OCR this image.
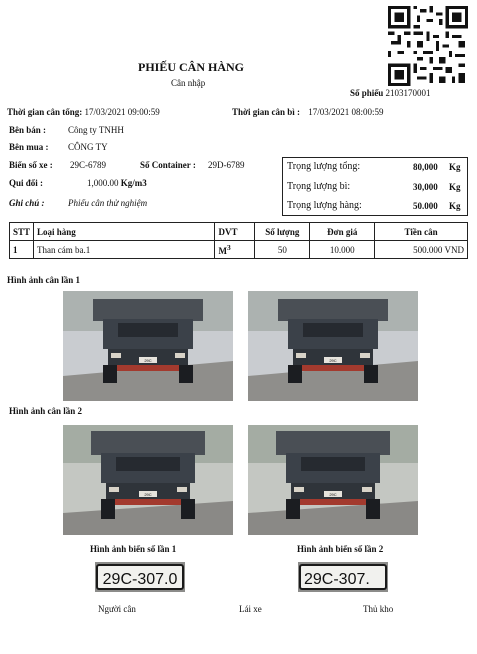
PHIẾU CÂN HÀNG
Cân nhập
Số phiếu 2103170001
Thời gian cân tổng: 17/03/2021 09:00:59	Thời gian cân bì : 17/03/2021 08:00:59
Bên bán : Công ty TNHH
Bên mua : CÔNG TY
Biển số xe : 29C-6789	Số Container : 29D-6789
Qui đổi :	1,000.00 Kg/m3
Ghi chú :	Phiếu cân thử nghiệm
Trọng lượng tổng:	80,000 Kg
Trọng lượng bì:	30,000 Kg
Trọng lượng hàng:	50.000 Kg
STT	Loại hàng	DVT	Số lượng	Đơn giá	Tiền cân
1	Than cám ba.1	$M^3$	50	10.000	500.000 VND
Hình ảnh cân lần 1
Hình ảnh cân lần 2
29C	29C
29C	29C
Hình ảnh biển số lần 1	Hình ảnh biển số lần 2
29C-307.0	29C-307.
Người cân	Lái xe	Thủ kho
